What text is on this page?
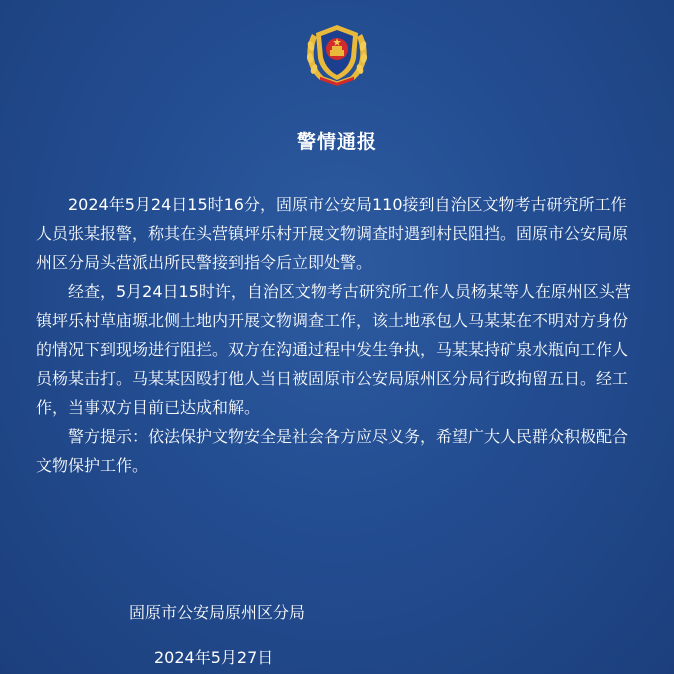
警情通报

2024年5月24日15时16分，固原市公安局110接到自治区文物考古研究所工作人员张某报警，称其在头营镇坪乐村开展文物调查时遇到村民阻挡。固原市公安局原州区分局头营派出所民警接到指令后立即处警。

经查，5月24日15时许，自治区文物考古研究所工作人员杨某等人在原州区头营镇坪乐村草庙塬北侧土地内开展文物调查工作，该土地承包人马某某在不明对方身份的情况下到现场进行阻拦。双方在沟通过程中发生争执，马某某持矿泉水瓶向工作人员杨某击打。马某某因殴打他人当日被固原市公安局原州区分局行政拘留五日。经工作，当事双方目前已达成和解。

警方提示：依法保护文物安全是社会各方应尽义务，希望广大人民群众积极配合文物保护工作。

固原市公安局原州区分局
2024年5月27日
